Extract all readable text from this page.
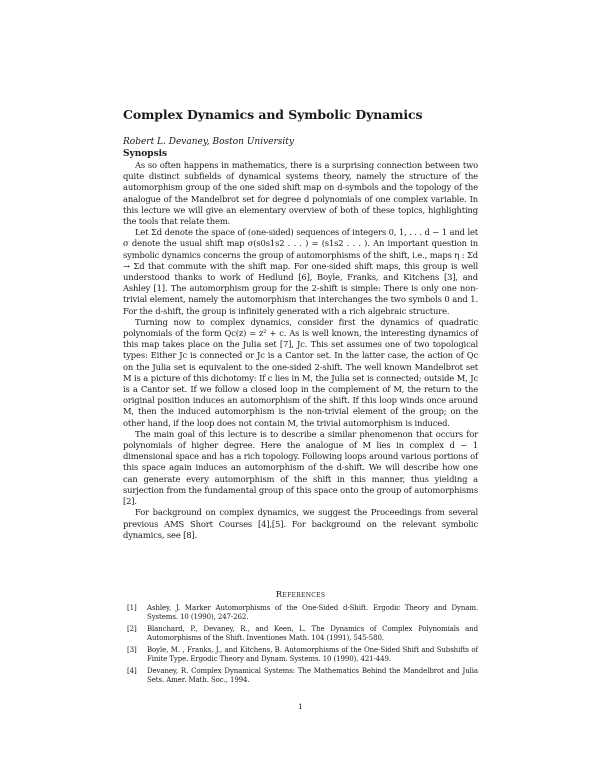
Complex Dynamics and Symbolic Dynamics
Robert L. Devaney, Boston University
Synopsis

As so often happens in mathematics, there is a surprising connection between two quite distinct subfields of dynamical systems theory, namely the structure of the automorphism group of the one sided shift map on d-symbols and the topology of the analogue of the Mandelbrot set for degree d polynomials of one complex variable. In this lecture we will give an elementary overview of both of these topics, highlighting the tools that relate them.

Let Σd denote the space of (one-sided) sequences of integers 0, 1, . . . d − 1 and let σ denote the usual shift map σ(s0s1s2 . . . ) = (s1s2 . . . ). An important question in symbolic dynamics concerns the group of automorphisms of the shift, i.e., maps η : Σd → Σd that commute with the shift map. For one-sided shift maps, this group is well understood thanks to work of Hedlund [6], Boyle, Franks, and Kitchens [3], and Ashley [1]. The automorphism group for the 2-shift is simple: There is only one non-trivial element, namely the automorphism that interchanges the two symbols 0 and 1. For the d-shift, the group is infinitely generated with a rich algebraic structure.

Turning now to complex dynamics, consider first the dynamics of quadratic polynomials of the form Qc(z) = z² + c. As is well known, the interesting dynamics of this map takes place on the Julia set [7], Jc. This set assumes one of two topological types: Either Jc is connected or Jc is a Cantor set. In the latter case, the action of Qc on the Julia set is equivalent to the one-sided 2-shift. The well known Mandelbrot set M is a picture of this dichotomy: If c lies in M, the Julia set is connected; outside M, Jc is a Cantor set. If we follow a closed loop in the complement of M, the return to the original position induces an automorphism of the shift. If this loop winds once around M, then the induced automorphism is the non-trivial element of the group; on the other hand, if the loop does not contain M, the trivial automorphism is induced.

The main goal of this lecture is to describe a similar phenomenon that occurs for polynomials of higher degree. Here the analogue of M lies in complex d − 1 dimensional space and has a rich topology. Following loops around various portions of this space again induces an automorphism of the d-shift. We will describe how one can generate every automorphism of the shift in this manner, thus yielding a surjection from the fundamental group of this space onto the group of automorphisms [2].

For background on complex dynamics, we suggest the Proceedings from several previous AMS Short Courses [4],[5]. For background on the relevant symbolic dynamics, see [8].

References
[1] Ashley, J. Marker Automorphisms of the One-Sided d-Shift. Ergodic Theory and Dynam. Systems. 10 (1990), 247-262.
[2] Blanchard, P., Devaney, R., and Keen, L. The Dynamics of Complex Polynomials and Automorphisms of the Shift. Inventiones Math. 104 (1991), 545-580.
[3] Boyle, M. , Franks, J., and Kitchens, B. Automorphisms of the One-Sided Shift and Subshifts of Finite Type. Ergodic Theory and Dynam. Systems. 10 (1990), 421-449.
[4] Devaney, R. Complex Dynamical Systems: The Mathematics Behind the Mandelbrot and Julia Sets. Amer. Math. Soc., 1994.
1
